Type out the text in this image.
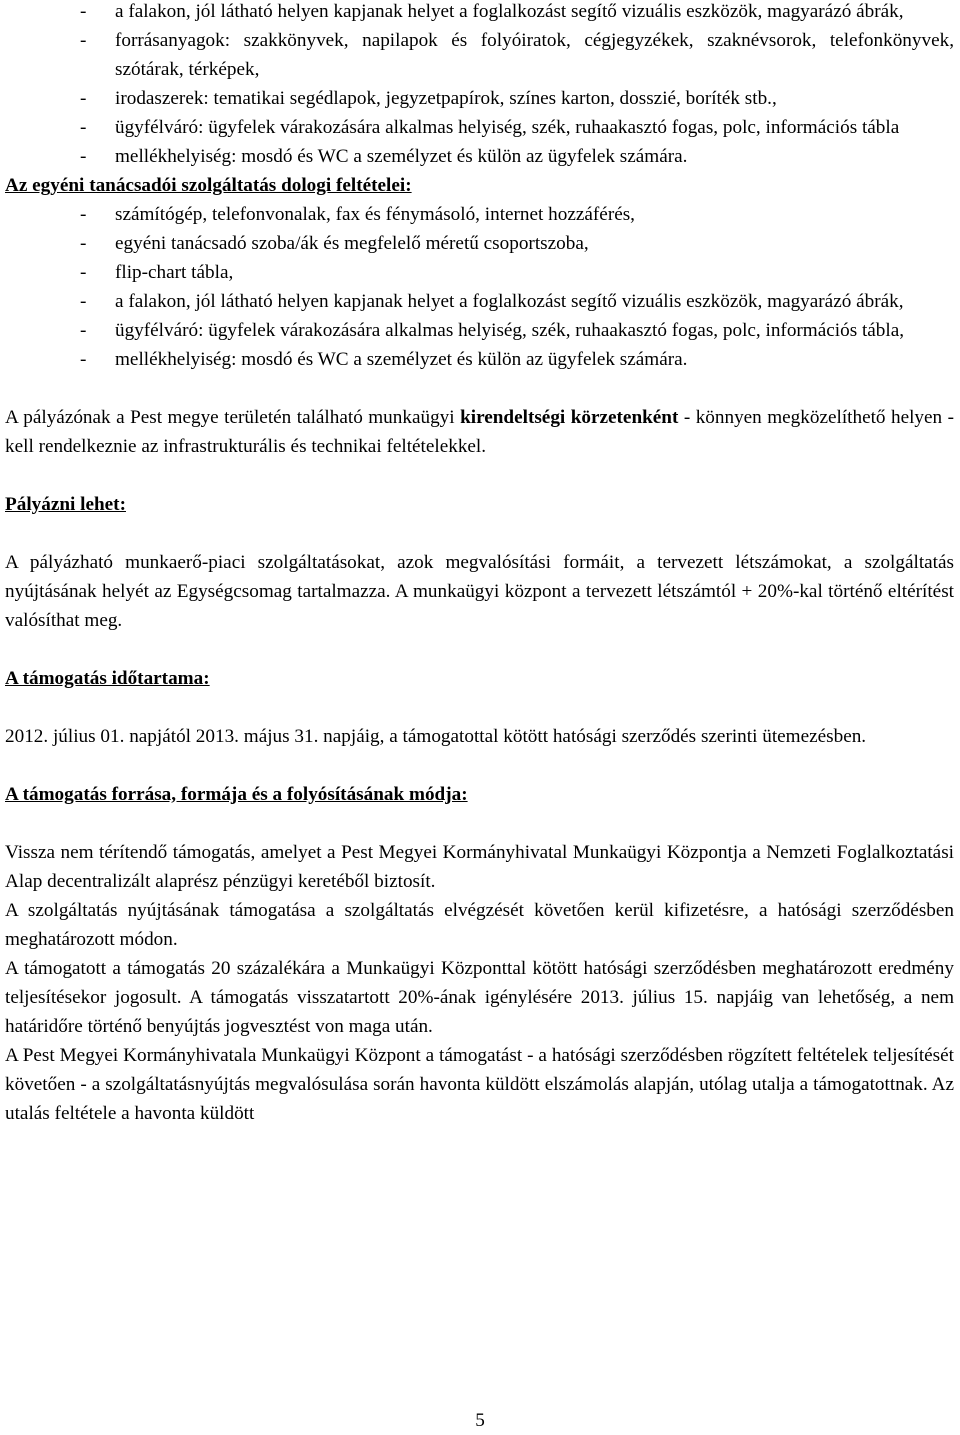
- a falakon, jól látható helyen kapjanak helyet a foglalkozást segítő vizuális eszközök, magyarázó ábrák,
- forrásanyagok: szakkönyvek, napilapok és folyóiratok, cégjegyzékek, szaknévsorok, telefonkönyvek, szótárak, térképek,
- irodaszerek: tematikai segédlapok, jegyzetpapírok, színes karton, dosszié, boríték stb.,
- ügyfélváró: ügyfelek várakozására alkalmas helyiség, szék, ruhaakasztó fogas, polc, információs tábla
- mellékhelyiség: mosdó és WC a személyzet és külön az ügyfelek számára.

Az egyéni tanácsadói szolgáltatás dologi feltételei:

- számítógép, telefonvonalak, fax és fénymásoló, internet hozzáférés,
- egyéni tanácsadó szoba/ák és megfelelő méretű csoportszoba,
- flip-chart tábla,
- a falakon, jól látható helyen kapjanak helyet a foglalkozást segítő vizuális eszközök, magyarázó ábrák,
- ügyfélváró: ügyfelek várakozására alkalmas helyiség, szék, ruhaakasztó fogas, polc, információs tábla,
- mellékhelyiség: mosdó és WC a személyzet és külön az ügyfelek számára.

A pályázónak a Pest megye területén található munkaügyi kirendeltségi körzetenként - könnyen megközelíthető helyen - kell rendelkeznie az infrastrukturális és technikai feltételekkel.

Pályázni lehet:

A pályázható munkaerő-piaci szolgáltatásokat, azok megvalósítási formáit, a tervezett létszámokat, a szolgáltatás nyújtásának helyét az Egységcsomag tartalmazza. A munkaügyi központ a tervezett létszámtól + 20%-kal történő eltérítést valósíthat meg.

A támogatás időtartama:

2012. július 01. napjától 2013. május 31. napjáig, a támogatottal kötött hatósági szerződés szerinti ütemezésben.

A támogatás forrása, formája és a folyósításának módja:

Vissza nem térítendő támogatás, amelyet a Pest Megyei Kormányhivatal Munkaügyi Központja a Nemzeti Foglalkoztatási Alap decentralizált alaprész pénzügyi keretéből biztosít.

A szolgáltatás nyújtásának támogatása a szolgáltatás elvégzését követően kerül kifizetésre, a hatósági szerződésben meghatározott módon.

A támogatott a támogatás 20 százalékára a Munkaügyi Központtal kötött hatósági szerződésben meghatározott eredmény teljesítésekor jogosult. A támogatás visszatartott 20%-ának igénylésére 2013. július 15. napjáig van lehetőség, a nem határidőre történő benyújtás jogvesztést von maga után.

A Pest Megyei Kormányhivatala Munkaügyi Központ a támogatást - a hatósági szerződésben rögzített feltételek teljesítését követően - a szolgáltatásnyújtás megvalósulása során havonta küldött elszámolás alapján, utólag utalja a támogatottnak. Az utalás feltétele a havonta küldött

5
